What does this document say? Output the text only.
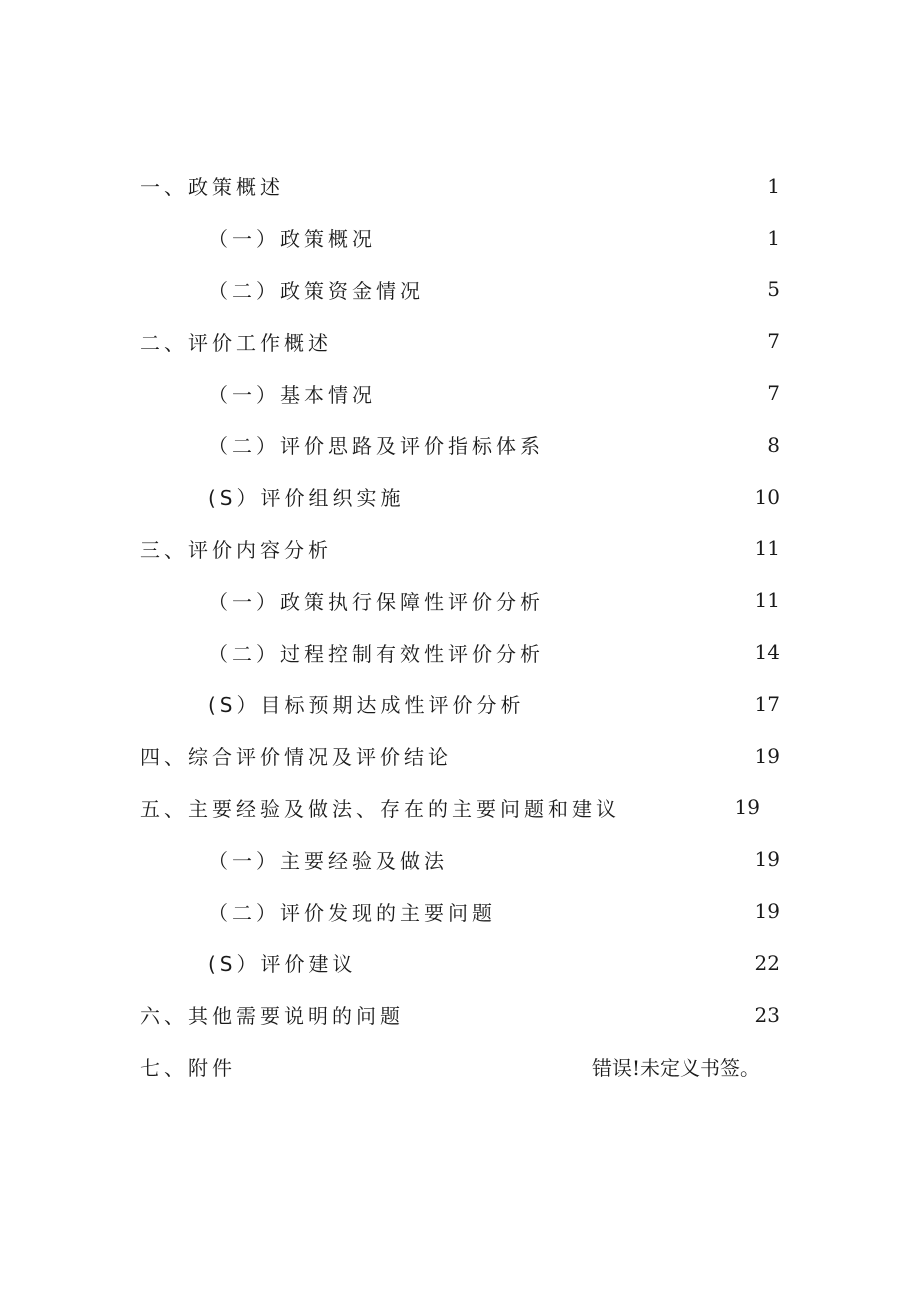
一、政策概述	1
（一）政策概况	1
（二）政策资金情况	5
二、评价工作概述	7
（一）基本情况	7
（二）评价思路及评价指标体系	8
(S）评价组织实施	10
三、评价内容分析	11
（一）政策执行保障性评价分析	11
（二）过程控制有效性评价分析	14
(S）目标预期达成性评价分析	17
四、综合评价情况及评价结论	19
五、主要经验及做法、存在的主要问题和建议	19
（一）主要经验及做法	19
（二）评价发现的主要问题	19
(S）评价建议	22
六、其他需要说明的问题	23
七、附件	错误!未定义书签。
